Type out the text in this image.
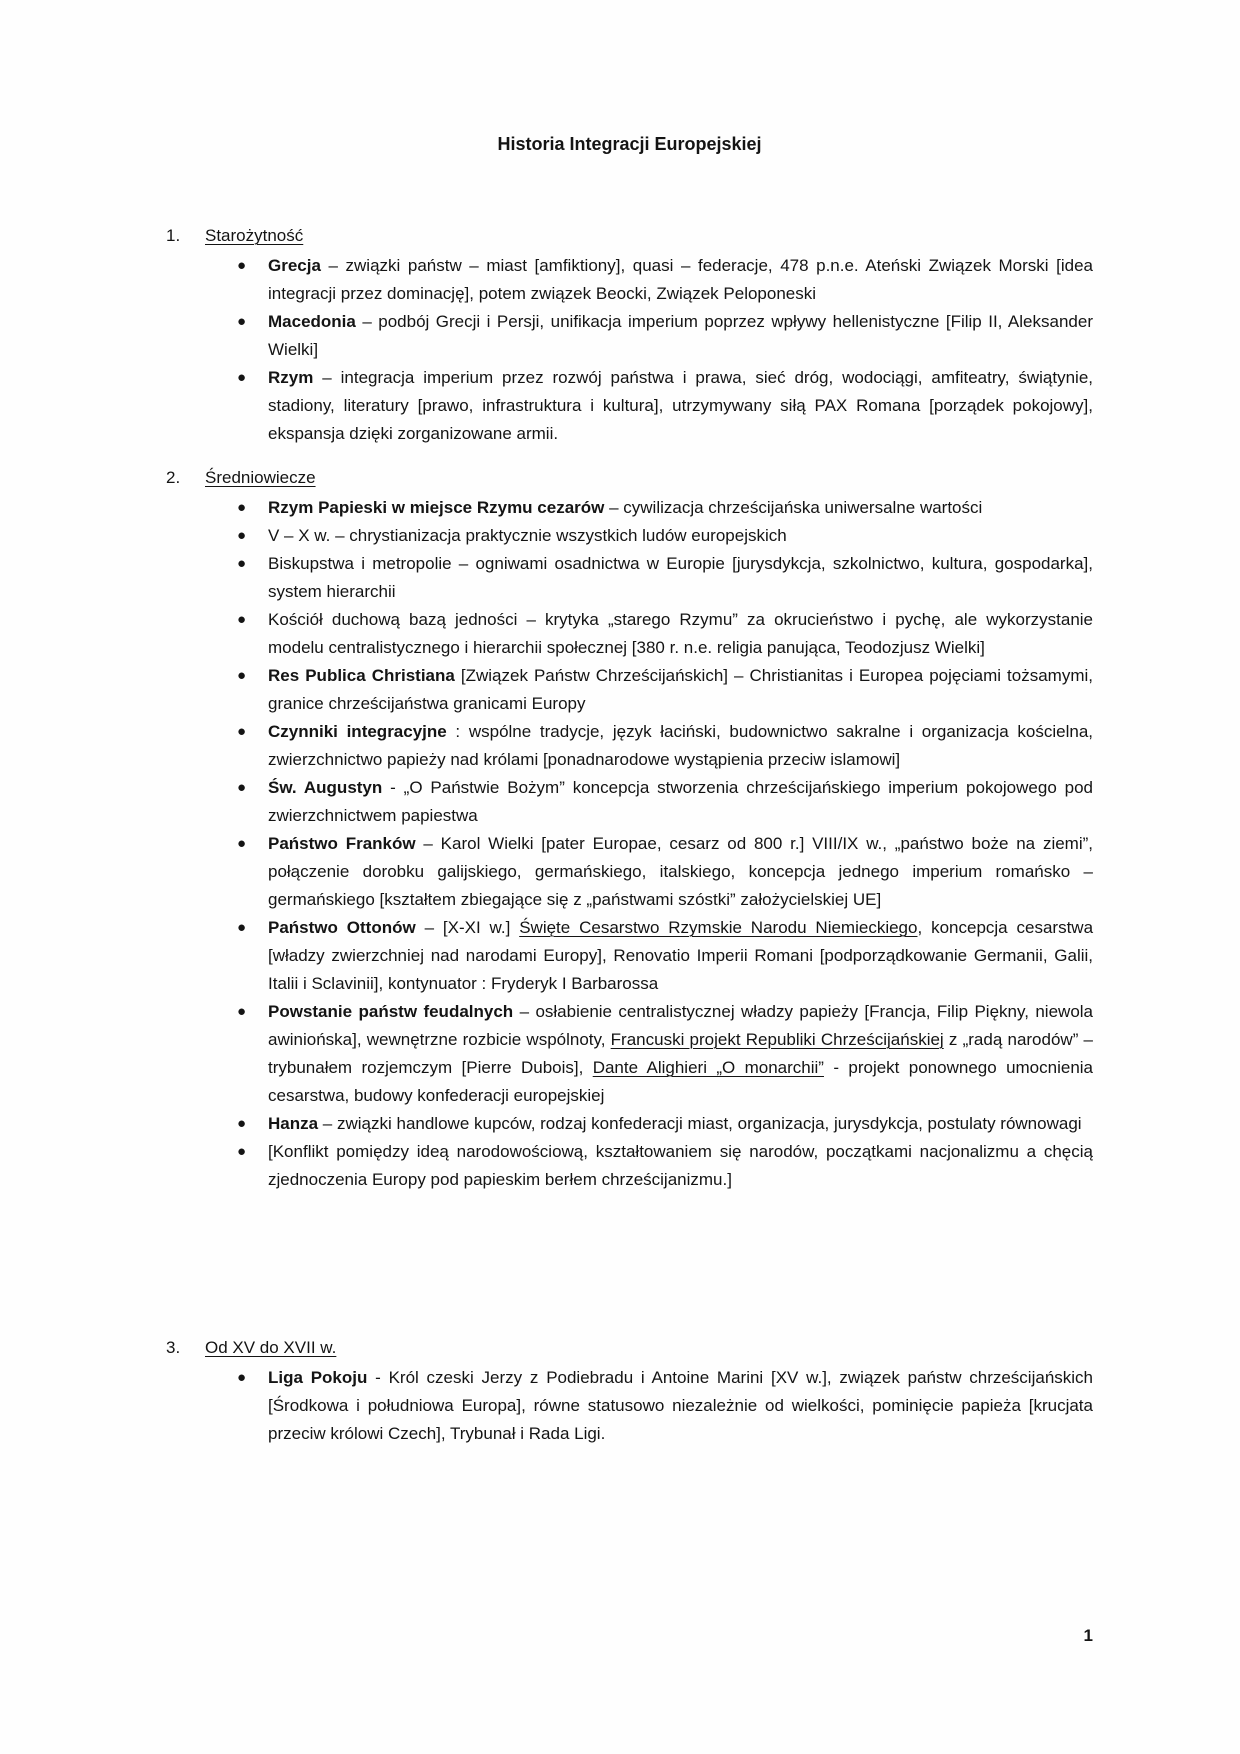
Historia Integracji Europejskiej
1. Starożytność
●	Grecja – związki państw – miast [amfiktiony], quasi – federacje, 478 p.n.e. Ateński Związek Morski [idea integracji przez dominację], potem związek Beocki, Związek Peloponeski
●	Macedonia – podbój Grecji i Persji, unifikacja imperium poprzez wpływy hellenistyczne [Filip II, Aleksander Wielki]
●	Rzym – integracja imperium przez rozwój państwa i prawa, sieć dróg, wodociągi, amfiteatry, świątynie, stadiony, literatury [prawo, infrastruktura i kultura], utrzymywany siłą PAX Romana [porządek pokojowy], ekspansja dzięki zorganizowane armii.
2. Średniowiecze
●	Rzym Papieski w miejsce Rzymu cezarów – cywilizacja chrześcijańska uniwersalne wartości
●	V – X w. – chrystianizacja praktycznie wszystkich ludów europejskich
●	Biskupstwa i metropolie – ogniwami osadnictwa w Europie [jurysdykcja, szkolnictwo, kultura, gospodarka], system hierarchii
●	Kościół duchową bazą jedności – krytyka „starego Rzymu” za okrucieństwo i pychę, ale wykorzystanie modelu centralistycznego i hierarchii społecznej [380 r. n.e. religia panująca, Teodozjusz Wielki]
●	Res Publica Christiana [Związek Państw Chrześcijańskich] – Christianitas i Europea pojęciami tożsamymi, granice chrześcijaństwa granicami Europy
●	Czynniki integracyjne : wspólne tradycje, język łaciński, budownictwo sakralne i organizacja kościelna, zwierzchnictwo papieży nad królami [ponadnarodowe wystąpienia przeciw islamowi]
●	Św. Augustyn - „O Państwie Bożym” koncepcja stworzenia chrześcijańskiego imperium pokojowego pod zwierzchnictwem papiestwa
●	Państwo Franków – Karol Wielki [pater Europae, cesarz od 800 r.] VIII/IX w., „państwo boże na ziemi”, połączenie dorobku galijskiego, germańskiego, italskiego, koncepcja jednego imperium romańsko – germańskiego [kształtem zbiegające się z „państwami szóstki” założycielskiej UE]
●	Państwo Ottonów – [X-XI w.] Święte Cesarstwo Rzymskie Narodu Niemieckiego, koncepcja cesarstwa [władzy zwierzchniej nad narodami Europy], Renovatio Imperii Romani [podporządkowanie Germanii, Galii, Italii i Sclavinii], kontynuator : Fryderyk I Barbarossa
●	Powstanie państw feudalnych – osłabienie centralistycznej władzy papieży [Francja, Filip Piękny, niewola awiniońska], wewnętrzne rozbicie wspólnoty, Francuski projekt Republiki Chrześcijańskiej z „radą narodów” – trybunałem rozjemczym [Pierre Dubois], Dante Alighieri „O monarchii” - projekt ponownego umocnienia cesarstwa, budowy konfederacji europejskiej
●	Hanza – związki handlowe kupców, rodzaj konfederacji miast, organizacja, jurysdykcja, postulaty równowagi
●	[Konflikt pomiędzy ideą narodowościową, kształtowaniem się narodów, początkami nacjonalizmu a chęcią zjednoczenia Europy pod papieskim berłem chrześcijanizmu.]
3. Od XV do XVII w.
●	Liga Pokoju - Król czeski Jerzy z Podiebradu i Antoine Marini [XV w.], związek państw chrześcijańskich [Środkowa i południowa Europa], równe statusowo niezależnie od wielkości, pominięcie papieża [krucjata przeciw królowi Czech], Trybunał i Rada Ligi.
1
